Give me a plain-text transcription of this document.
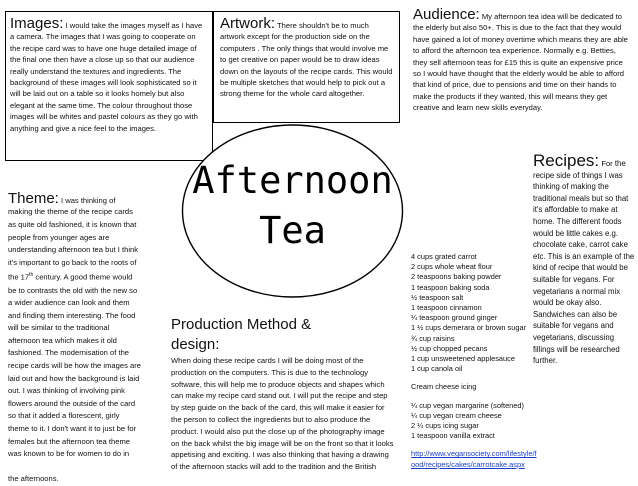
Images: I would take the images myself as I have a camera. The images that I was going to cooperate on the recipe card was to have one huge detailed image of the final one then have a close up so that our audience really understand the textures and ingredients. The background of these images will look sophisticated so it will be laid out on a table so it looks homely but also elegant at the same time. The colour throughout those images will be whites and pastel colours as they go with anything and give a nice feel to the images.
Artwork: There shouldn't be to much artwork except for the production side on the computers . The only things that would involve me to get creative on paper would be to draw ideas down on the layouts of the recipe cards. This would be multiple sketches that would help to pick out a strong theme for the whole card altogether.
Audience: My afternoon tea idea will be dedicated to the elderly but also 50+. This is due to the fact that they would have gained a lot of money overtime which means they are able to afford the afternoon tea experience. Normally e.g. Betties, they sell afternoon teas for £15 this is quite an expensive price so I would have thought that the elderly would be able to afford that kind of price, due to pensions and time on their hands to make the products if they wanted, this will means they get creative and learn new skills everyday.
Afternoon
Tea
Theme: I was thinking of
making the theme of the recipe cards
as quite old fashioned, it is known that
people from younger ages are
understanding afternoon tea but I think
it's important to go back to the roots of
the 17th century. A good theme would
be to contrasts the old with the new so
a wider audience can look and them
and finding them interesting. The food
will be similar to the traditional
afternoon tea which makes it old
fashioned. The modernisation of the
recipe cards will be how the images are
laid out and how the background is laid
out. I was thinking of involving pink
flowers around the outside of the card
so that it added a florescent, girly
theme to it. I don't want it to just be for
females but the afternoon tea theme
was known to be for women to do in

the afternoons.
Production Method &
design:
When doing these recipe cards I will be doing most of the production on the computers. This is due to the technology software, this will help me to produce objects and shapes which can make my recipe card stand out. I will put the recipe and step by step guide on the back of the card, this will make it easier for the person to collect the ingredients but to also produce the product. I would also put the close up of the photography image on the back whilst the big image will be on the front so that it looks appetising and exciting. I was also thinking that having a drawing of the afternoon stacks will add to the tradition and the British
Recipes: For the recipe side of things I was thinking of making the traditional meals but so that it's affordable to make at home. The different foods would be little cakes e.g. chocolate cake, carrot cake etc. This is an example of the kind of recipe that would be suitable for vegans. For vegetarians a normal mix would be okay also. Sandwiches can also be suitable for vegans and vegetarians, discussing fillings will be researched further.
4 cups grated carrot
2 cups whole wheat flour
2 teaspoons baking powder
1 teaspoon baking soda
½ teaspoon salt
1 teaspoon cinnamon
¼ teaspoon ground ginger
1 ½ cups demerara or brown sugar
¾ cup raisins
½ cup chopped pecans
1 cup unsweetened applesauce
1 cup canola oil
Cream cheese icing
¼ cup vegan margarine (softened)
¼ cup vegan cream cheese
2 ¼ cups icing sugar
1 teaspoon vanilla extract
http://www.vegansociety.com/lifestyle/food/recipes/cakes/carrotcake.aspx
